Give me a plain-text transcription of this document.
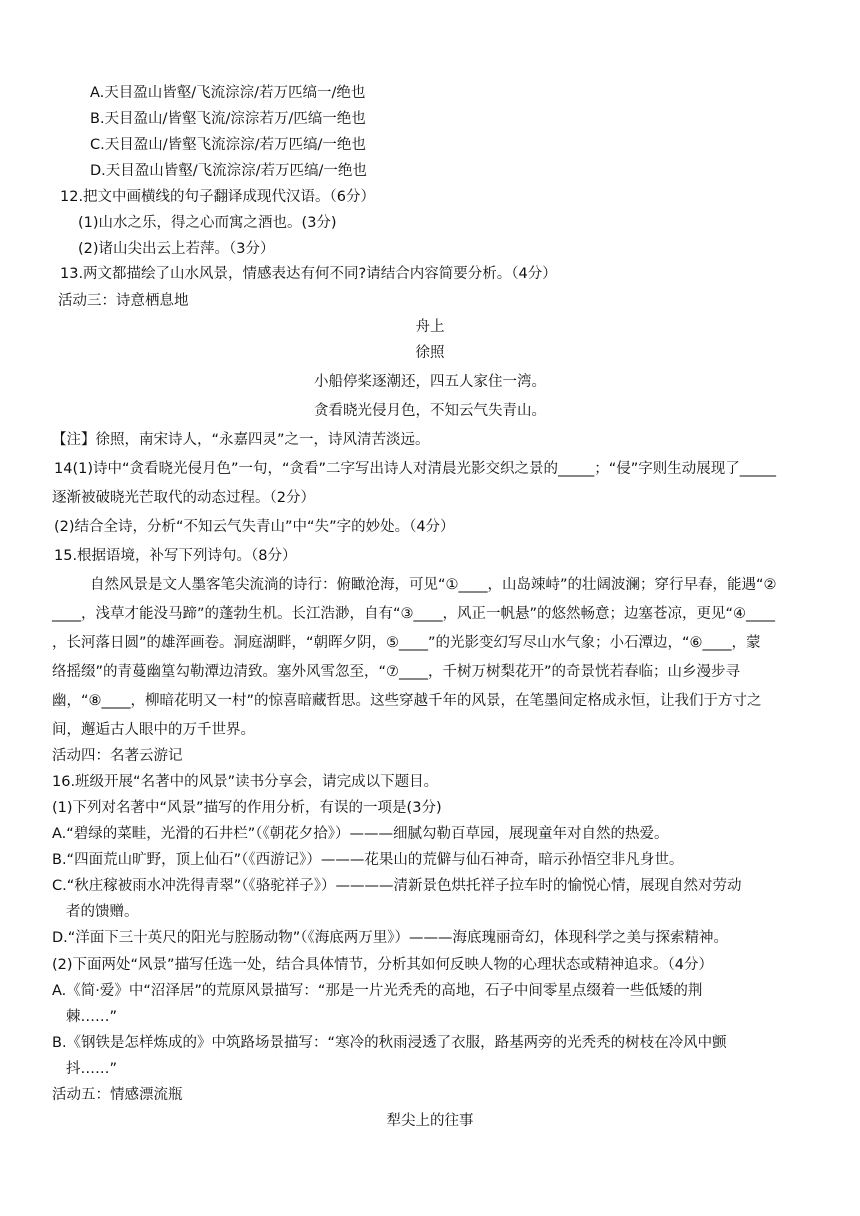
A.天目盈山皆壑/飞流淙淙/若万匹缟一/绝也
B.天目盈山/皆壑飞流/淙淙若万/匹缟一绝也
C.天目盈山/皆壑飞流淙淙/若万匹缟/一绝也
D.天目盈山皆壑/飞流淙淙/若万匹缟/一绝也
12.把文中画横线的句子翻译成现代汉语。（6分）
(1)山水之乐，得之心而寓之酒也。(3分)
(2)诸山尖出云上若萍。（3分）
13.两文都描绘了山水风景，情感表达有何不同?请结合内容简要分析。（4分）
活动三：诗意栖息地
舟上
徐照
小船停桨逐潮还，四五人家住一湾。
贪看晓光侵月色，不知云气失青山。
【注】徐照，南宋诗人，“永嘉四灵”之一，诗风清苦淡远。
14(1)诗中“贪看晓光侵月色”一句，“贪看”二字写出诗人对清晨光影交织之景的_____；“侵”字则生动展现了_____
逐渐被破晓光芒取代的动态过程。（2分）
(2)结合全诗，分析“不知云气失青山”中“失”字的妙处。（4分）
15.根据语境，补写下列诗句。（8分）
自然风景是文人墨客笔尖流淌的诗行：俯瞰沧海，可见“①____，山岛竦峙”的壮阔波澜；穿行早春，能遇“②
____，浅草才能没马蹄”的蓬勃生机。长江浩渺，自有“③____，风正一帆悬”的悠然畅意；边塞苍凉，更见“④____
，长河落日圆”的雄浑画卷。洞庭湖畔，“朝晖夕阴，⑤____”的光影变幻写尽山水气象；小石潭边，“⑥____，蒙
络摇缀”的青蔓幽篁勾勒潭边清致。塞外风雪忽至，“⑦____，千树万树梨花开”的奇景恍若春临；山乡漫步寻
幽，“⑧____，柳暗花明又一村”的惊喜暗藏哲思。这些穿越千年的风景，在笔墨间定格成永恒，让我们于方寸之
间，邂逅古人眼中的万千世界。
活动四：名著云游记
16.班级开展“名著中的风景”读书分享会，请完成以下题目。
(1)下列对名著中“风景”描写的作用分析，有误的一项是(3分)
A.“碧绿的菜畦，光滑的石井栏”（《朝花夕拾》）———细腻勾勒百草园，展现童年对自然的热爱。
B.“四面荒山旷野，顶上仙石”（《西游记》）———花果山的荒僻与仙石神奇，暗示孙悟空非凡身世。
C.“秋庄稼被雨水冲洗得青翠”（《骆驼祥子》）————清新景色烘托祥子拉车时的愉悦心情，展现自然对劳动
者的馈赠。
D.“洋面下三十英尺的阳光与腔肠动物”（《海底两万里》）———海底瑰丽奇幻，体现科学之美与探索精神。
(2)下面两处“风景”描写任选一处，结合具体情节，分析其如何反映人物的心理状态或精神追求。（4分）
A.《简·爱》中“沼泽居”的荒原风景描写：“那是一片光秃秃的高地，石子中间零星点缀着一些低矮的荆
棘……”
B.《钢铁是怎样炼成的》中筑路场景描写：“寒冷的秋雨浸透了衣服，路基两旁的光秃秃的树枝在冷风中颤
抖……”
活动五：情感漂流瓶
犁尖上的往事
